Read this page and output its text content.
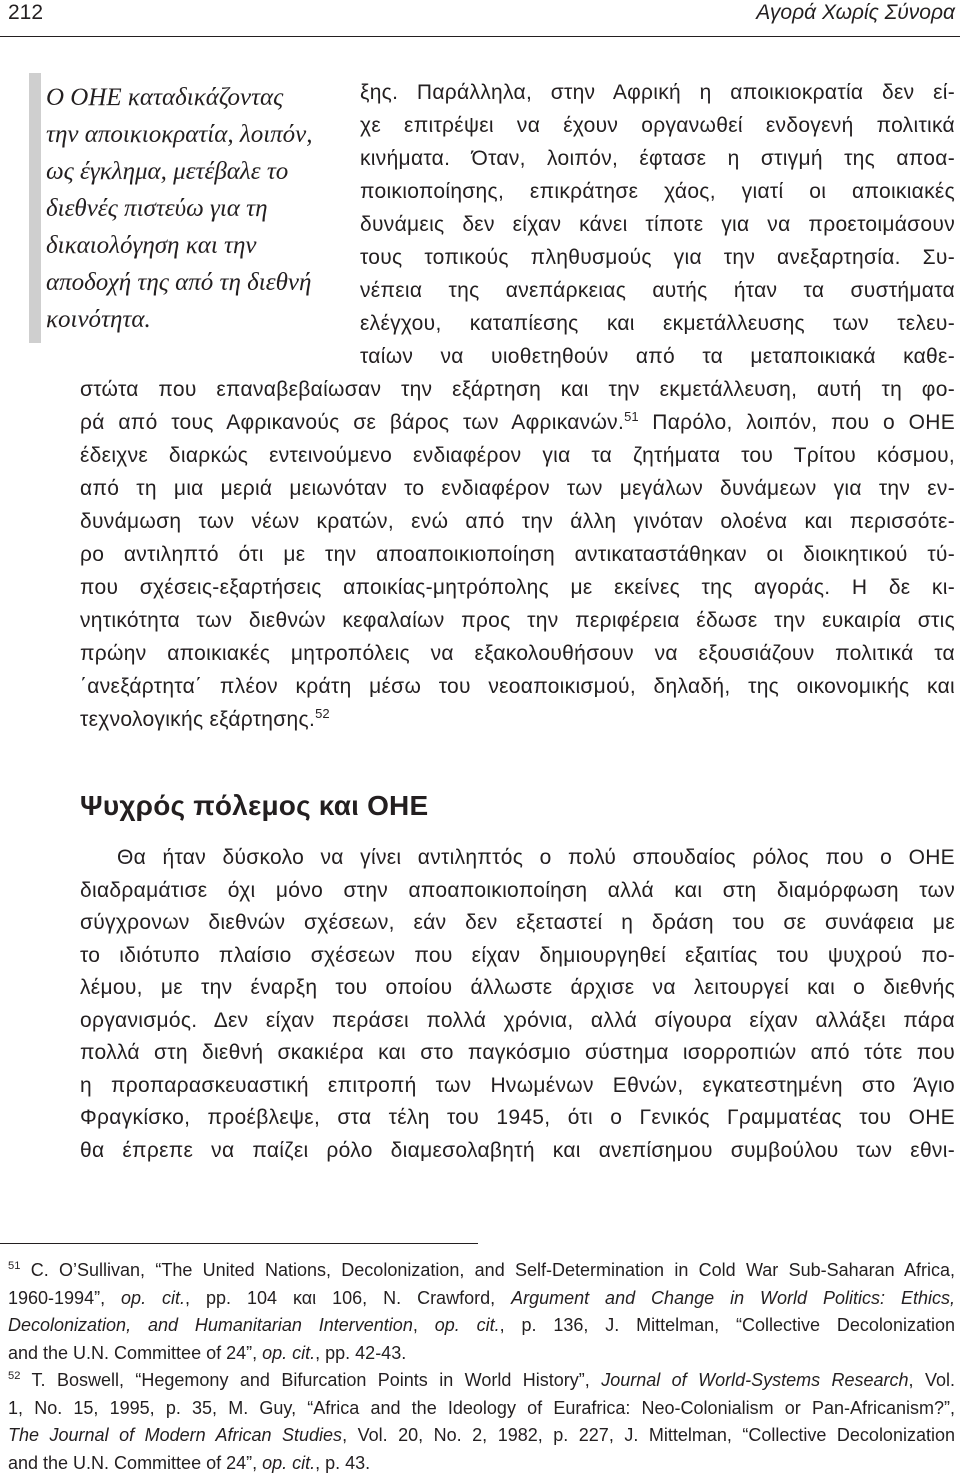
212	Αγορά Χωρίς Σύνορα
Ο ΟΗΕ καταδικάζοντας
την αποικιοκρατία, λοιπόν,
ως έγκλημα, μετέβαλε το
διεθνές πιστεύω για τη
δικαιολόγηση και την
αποδοχή της από τη διεθνή
κοινότητα.
ξης. Παράλληλα, στην Αφρική η αποικιοκρατία δεν εί-
χε επιτρέψει να έχουν οργανωθεί ενδογενή πολιτικά
κινήματα. Όταν, λοιπόν, έφτασε η στιγμή της αποα-
ποικιοποίησης, επικράτησε χάος, γιατί οι αποικιακές
δυνάμεις δεν είχαν κάνει τίποτε για να προετοιμάσουν
τους τοπικούς πληθυσμούς για την ανεξαρτησία. Συ-
νέπεια της ανεπάρκειας αυτής ήταν τα συστήματα
ελέγχου, καταπίεσης και εκμετάλλευσης των τελευ-
ταίων να υιοθετηθούν από τα μεταποικιακά καθε-
στώτα που επαναβεβαίωσαν την εξάρτηση και την εκμετάλλευση, αυτή τη φο-
ρά από τους Αφρικανούς σε βάρος των Αφρικανών.$^{51}$ Παρόλο, λοιπόν, που ο ΟΗΕ
έδειχνε διαρκώς εντεινούμενο ενδιαφέρον για τα ζητήματα του Τρίτου κόσμου,
από τη μια μεριά μειωνόταν το ενδιαφέρον των μεγάλων δυνάμεων για την εν-
δυνάμωση των νέων κρατών, ενώ από την άλλη γινόταν ολοένα και περισσότε-
ρο αντιληπτό ότι με την αποαποικιοποίηση αντικαταστάθηκαν οι διοικητικού τύ-
που σχέσεις-εξαρτήσεις αποικίας-μητρόπολης με εκείνες της αγοράς. Η δε κι-
νητικότητα των διεθνών κεφαλαίων προς την περιφέρεια έδωσε την ευκαιρία στις
πρώην αποικιακές μητροπόλεις να εξακολουθήσουν να εξουσιάζουν πολιτικά τα
΄ανεξάρτητα΄ πλέον κράτη μέσω του νεοαποικισμού, δηλαδή, της οικονομικής και
τεχνολογικής εξάρτησης.$^{52}$
Ψυχρός πόλεμος και ΟΗΕ
Θα ήταν δύσκολο να γίνει αντιληπτός ο πολύ σπουδαίος ρόλος που ο ΟΗΕ
διαδραμάτισε όχι μόνο στην αποαποικιοποίηση αλλά και στη διαμόρφωση των
σύγχρονων διεθνών σχέσεων, εάν δεν εξεταστεί η δράση του σε συνάφεια με
το ιδιότυπο πλαίσιο σχέσεων που είχαν δημιουργηθεί εξαιτίας του ψυχρού πο-
λέμου, με την έναρξη του οποίου άλλωστε άρχισε να λειτουργεί και ο διεθνής
οργανισμός. Δεν είχαν περάσει πολλά χρόνια, αλλά σίγουρα είχαν αλλάξει πάρα
πολλά στη διεθνή σκακιέρα και στο παγκόσμιο σύστημα ισορροπιών από τότε που
η προπαρασκευαστική επιτροπή των Ηνωμένων Εθνών, εγκατεστημένη στο Άγιο
Φραγκίσκο, προέβλεψε, στα τέλη του 1945, ότι ο Γενικός Γραμματέας του ΟΗΕ
θα έπρεπε να παίζει ρόλο διαμεσολαβητή και ανεπίσημου συμβούλου των εθνι-
$^{51}$ C. O’Sullivan, “The United Nations, Decolonization, and Self-Determination in Cold War Sub-Saharan Africa,
1960-1994”, op. cit., pp. 104 και 106, N. Crawford, Argument and Change in World Politics: Ethics,
Decolonization, and Humanitarian Intervention, op. cit., p. 136, J. Mittelman, “Collective Decolonization
and the U.N. Committee of 24”, op. cit., pp. 42-43.
$^{52}$ T. Boswell, “Hegemony and Bifurcation Points in World History”, Journal of World-Systems Research, Vol.
1, No. 15, 1995, p. 35, M. Guy, “Africa and the Ideology of Eurafrica: Neo-Colonialism or Pan-Africanism?”,
The Journal of Modern African Studies, Vol. 20, No. 2, 1982, p. 227, J. Mittelman, “Collective Decolonization
and the U.N. Committee of 24”, op. cit., p. 43.
